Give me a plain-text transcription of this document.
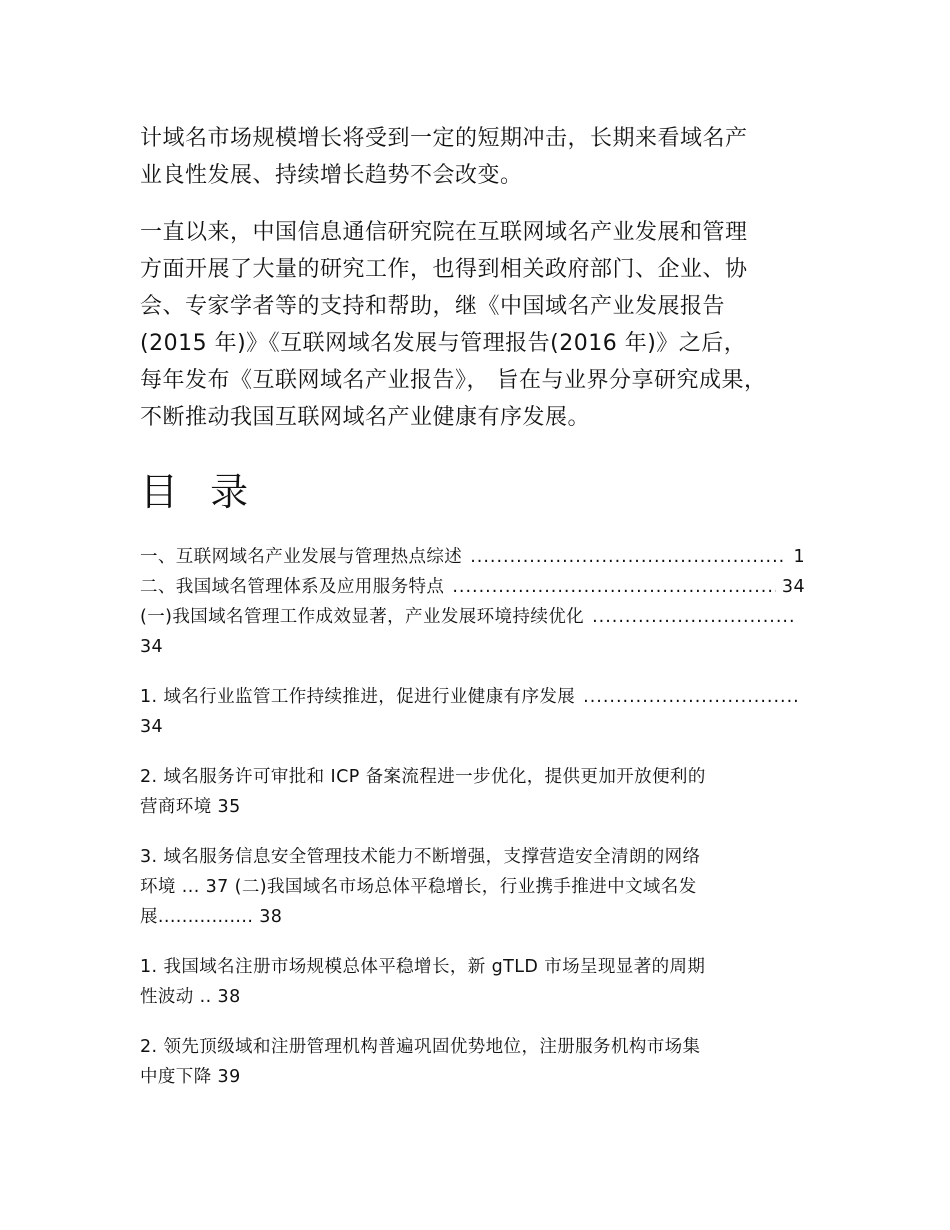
计域名市场规模增长将受到一定的短期冲击，长期来看域名产
业良性发展、持续增长趋势不会改变。
一直以来，中国信息通信研究院在互联网域名产业发展和管理
方面开展了大量的研究工作，也得到相关政府部门、企业、协
会、专家学者等的支持和帮助，继《中国域名产业发展报告
(2015 年)》《互联网域名发展与管理报告(2016 年)》之后，
每年发布《互联网域名产业报告》， 旨在与业界分享研究成果，
不断推动我国互联网域名产业健康有序发展。
目 录
一、互联网域名产业发展与管理热点综述 .....	1
二、我国域名管理体系及应用服务特点 .....	34
(一)我国域名管理工作成效显著，产业发展环境持续优化
.....
34
1. 域名行业监管工作持续推进，促进行业健康有序发展
.....
34
2. 域名服务许可审批和 ICP 备案流程进一步优化，提供更加开放便利的
营商环境 35
3. 域名服务信息安全管理技术能力不断增强，支撑营造安全清朗的网络
环境 ... 37 (二)我国域名市场总体平稳增长，行业携手推进中文域名发
展................ 38
1. 我国域名注册市场规模总体平稳增长，新 gTLD 市场呈现显著的周期
性波动 .. 38
2. 领先顶级域和注册管理机构普遍巩固优势地位，注册服务机构市场集
中度下降 39
